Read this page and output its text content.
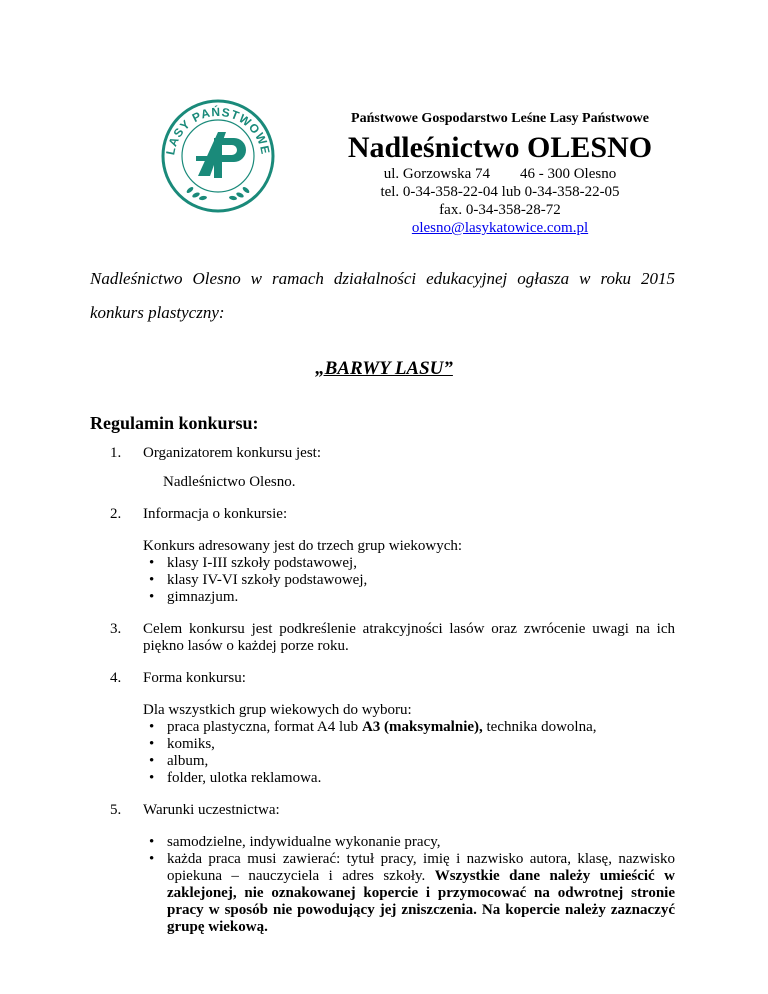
LASY PAŃSTWOWE
Państwowe Gospodarstwo Leśne Lasy Państwowe
Nadleśnictwo OLESNO
ul. Gorzowska 74 46 - 300 Olesno
tel. 0-34-358-22-04 lub 0-34-358-22-05
fax. 0-34-358-28-72
olesno@lasykatowice.com.pl
Nadleśnictwo Olesno w ramach działalności edukacyjnej ogłasza w roku 2015 konkurs plastyczny:
„BARWY LASU”
Regulamin konkursu:
1. Organizatorem konkursu jest:
Nadleśnictwo Olesno.
2. Informacja o konkursie:
Konkurs adresowany jest do trzech grup wiekowych:
• klasy I-III szkoły podstawowej,
• klasy IV-VI szkoły podstawowej,
• gimnazjum.
3. Celem konkursu jest podkreślenie atrakcyjności lasów oraz zwrócenie uwagi na ich piękno lasów o każdej porze roku.
4. Forma konkursu:
Dla wszystkich grup wiekowych do wyboru:
• praca plastyczna, format A4 lub A3 (maksymalnie), technika dowolna,
• komiks,
• album,
• folder, ulotka reklamowa.
5. Warunki uczestnictwa:
• samodzielne, indywidualne wykonanie pracy,
• każda praca musi zawierać: tytuł pracy, imię i nazwisko autora, klasę, nazwisko opiekuna – nauczyciela i adres szkoły. Wszystkie dane należy umieścić w zaklejonej, nie oznakowanej kopercie i przymocować na odwrotnej stronie pracy w sposób nie powodujący jej zniszczenia. Na kopercie należy zaznaczyć grupę wiekową.
